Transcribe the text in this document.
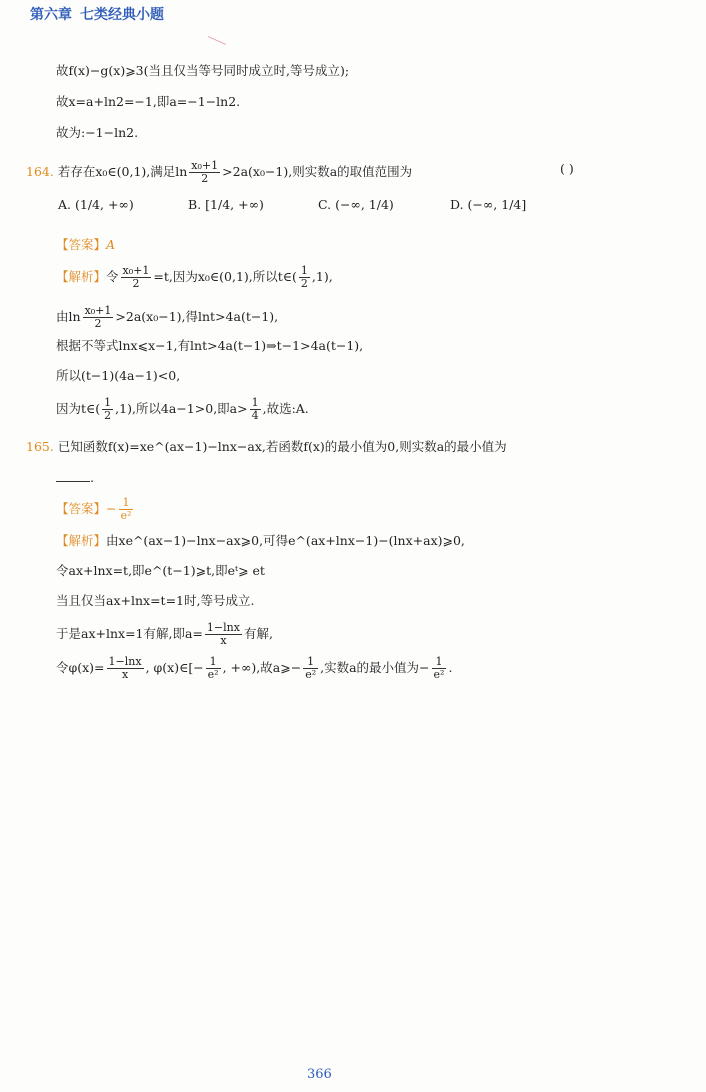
第六章 七类经典小题
故f(x)−g(x)⩾3(当且仅当等号同时成立时,等号成立);
故x=a+ln2=−1,即a=−1−ln2.
故为:−1−ln2.
164. 若存在x₀∈(0,1),满足$\ln \frac{\text{x₀+1}}{2} >2a(x_0-1)$,则实数a的取值范围为	( )
A. (1/4, +∞)	B. [1/4, +∞)	C. (−∞, 1/4)	D. (−∞, 1/4]
【答案】A
【解析】令 $\frac{\text{x₀+1}}{2} =t$,因为x₀∈(0,1),所以t∈( $\frac{1}{2} ,1$),
由$\ln \frac{\text{x₀+1}}{2} >2a(x_0-1)$,得lnt>4a(t−1),
根据不等式lnx⩽x−1,有lnt>4a(t−1)⇒t−1>4a(t−1),
所以(t−1)(4a−1)<0,
因为t∈( $\frac{1}{2} ,1$),所以4a−1>0,即$a> \frac{1}{4}$ ,故选:A.
165. 已知函数f(x)=xe^(ax−1)−lnx−ax,若函数f(x)的最小值为0,则实数a的最小值为
.
【答案】− $\frac{1}{\text{e²}}$
【解析】由xe^(ax−1)−lnx−ax⩾0,可得e^(ax+lnx−1)−(lnx+ax)⩾0,
令ax+lnx=t,即e^(t−1)⩾t,即eᵗ⩾ et
当且仅当ax+lnx=t=1时,等号成立.
于是ax+lnx=1有解,即$a= \frac{1-\ln x}{x}$ 有解,
令$\varphi(x)= \frac{1-\ln x}{x}$ , φ(x)∈[− $\frac{1}{\text{e²}}$ , +∞),故a⩾− $\frac{1}{\text{e²}}$ ,实数a的最小值为− $\frac{1}{\text{e²}}$ .
366
